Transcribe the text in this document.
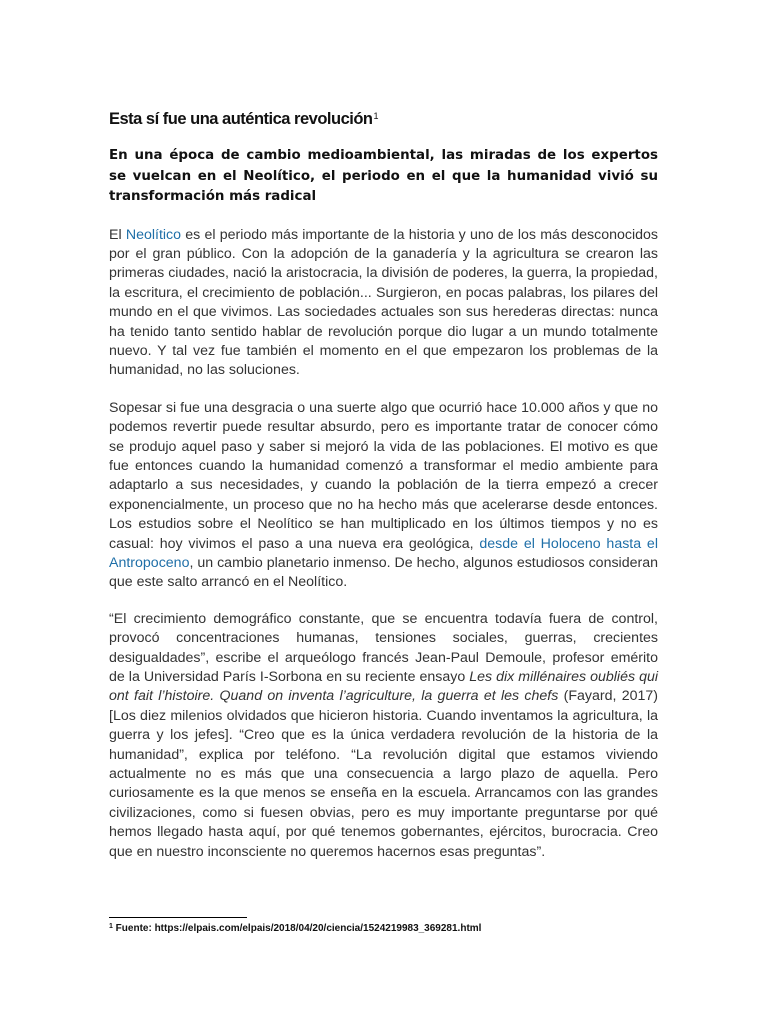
Esta sí fue una auténtica revolución$^1$

En una época de cambio medioambiental, las miradas de los expertos se vuelcan en el Neolítico, el periodo en el que la humanidad vivió su transformación más radical

El Neolítico es el periodo más importante de la historia y uno de los más desconocidos por el gran público. Con la adopción de la ganadería y la agricultura se crearon las primeras ciudades, nació la aristocracia, la división de poderes, la guerra, la propiedad, la escritura, el crecimiento de población... Surgieron, en pocas palabras, los pilares del mundo en el que vivimos. Las sociedades actuales son sus herederas directas: nunca ha tenido tanto sentido hablar de revolución porque dio lugar a un mundo totalmente nuevo. Y tal vez fue también el momento en el que empezaron los problemas de la humanidad, no las soluciones.

Sopesar si fue una desgracia o una suerte algo que ocurrió hace 10.000 años y que no podemos revertir puede resultar absurdo, pero es importante tratar de conocer cómo se produjo aquel paso y saber si mejoró la vida de las poblaciones. El motivo es que fue entonces cuando la humanidad comenzó a transformar el medio ambiente para adaptarlo a sus necesidades, y cuando la población de la tierra empezó a crecer exponencialmente, un proceso que no ha hecho más que acelerarse desde entonces. Los estudios sobre el Neolítico se han multiplicado en los últimos tiempos y no es casual: hoy vivimos el paso a una nueva era geológica, desde el Holoceno hasta el Antropoceno, un cambio planetario inmenso. De hecho, algunos estudiosos consideran que este salto arrancó en el Neolítico.

“El crecimiento demográfico constante, que se encuentra todavía fuera de control, provocó concentraciones humanas, tensiones sociales, guerras, crecientes desigualdades”, escribe el arqueólogo francés Jean-Paul Demoule, profesor emérito de la Universidad París I-Sorbona en su reciente ensayo Les dix millénaires oubliés qui ont fait l’histoire. Quand on inventa l’agriculture, la guerra et les chefs (Fayard, 2017) [Los diez milenios olvidados que hicieron historia. Cuando inventamos la agricultura, la guerra y los jefes]. “Creo que es la única verdadera revolución de la historia de la humanidad”, explica por teléfono. “La revolución digital que estamos viviendo actualmente no es más que una consecuencia a largo plazo de aquella. Pero curiosamente es la que menos se enseña en la escuela. Arrancamos con las grandes civilizaciones, como si fuesen obvias, pero es muy importante preguntarse por qué hemos llegado hasta aquí, por qué tenemos gobernantes, ejércitos, burocracia. Creo que en nuestro inconsciente no queremos hacernos esas preguntas”.

$^1$ Fuente: https://elpais.com/elpais/2018/04/20/ciencia/1524219983_369281.html
